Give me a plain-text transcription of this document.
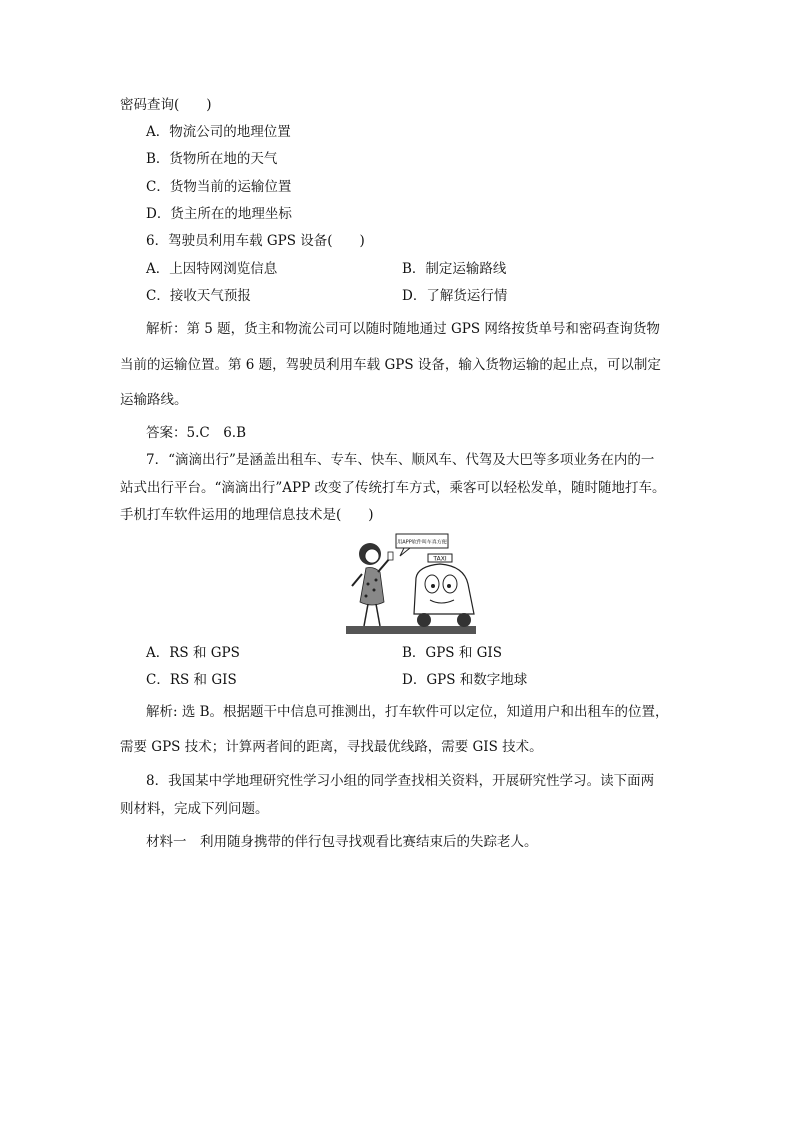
密码查询(　　)
A．物流公司的地理位置
B．货物所在地的天气
C．货物当前的运输位置
D．货主所在的地理坐标
6．驾驶员利用车载 GPS 设备(　　)
A．上因特网浏览信息	B．制定运输路线
C．接收天气预报	D．了解货运行情
解析：第 5 题，货主和物流公司可以随时随地通过 GPS 网络按货单号和密码查询货物
当前的运输位置。第 6 题，驾驶员利用车载 GPS 设备，输入货物运输的起止点，可以制定
运输路线。
答案：5.C　6.B
7．“滴滴出行”是涵盖出租车、专车、快车、顺风车、代驾及大巴等多项业务在内的一
站式出行平台。“滴滴出行”APP 改变了传统打车方式，乘客可以轻松发单，随时随地打车。
手机打车软件运用的地理信息技术是(　　)
用APP软件叫车真方便
TAXI
A．RS 和 GPS	B．GPS 和 GIS
C．RS 和 GIS	D．GPS 和数字地球
解析: 选 B。根据题干中信息可推测出，打车软件可以定位，知道用户和出租车的位置，
需要 GPS 技术；计算两者间的距离，寻找最优线路，需要 GIS 技术。
8．我国某中学地理研究性学习小组的同学查找相关资料，开展研究性学习。读下面两
则材料，完成下列问题。
材料一　利用随身携带的伴行包寻找观看比赛结束后的失踪老人。
